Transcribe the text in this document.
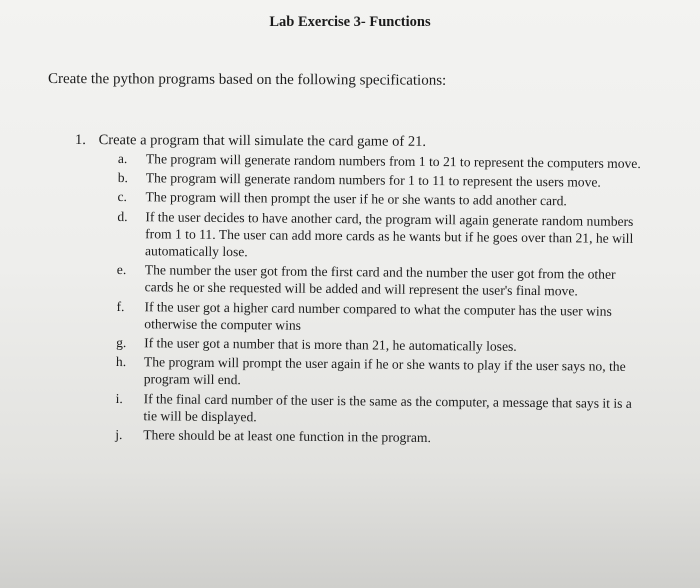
Lab Exercise 3- Functions
Create the python programs based on the following specifications:
1. Create a program that will simulate the card game of 21.
a.	The program will generate random numbers from 1 to 21 to represent the computers move.
b.	The program will generate random numbers for 1 to 11 to represent the users move.
c.	The program will then prompt the user if he or she wants to add another card.
d.	If the user decides to have another card, the program will again generate random numbers from 1 to 11. The user can add more cards as he wants but if he goes over than 21, he will automatically lose.
e.	The number the user got from the first card and the number the user got from the other cards he or she requested will be added and will represent the user's final move.
f.	If the user got a higher card number compared to what the computer has the user wins otherwise the computer wins
g.	If the user got a number that is more than 21, he automatically loses.
h.	The program will prompt the user again if he or she wants to play if the user says no, the program will end.
i.	If the final card number of the user is the same as the computer, a message that says it is a tie will be displayed.
j.	There should be at least one function in the program.
